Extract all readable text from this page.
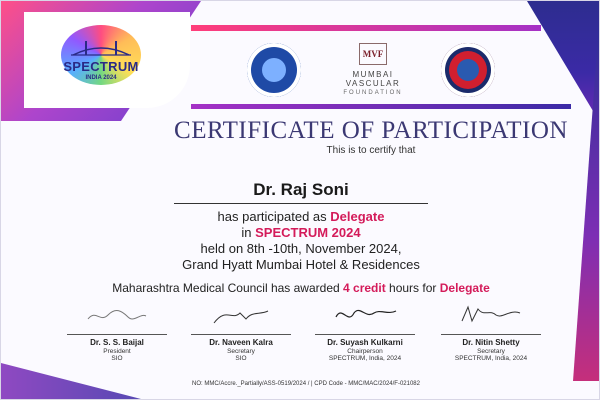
SPECTRUM
INDIA 2024
MVF
MUMBAI VASCULAR
FOUNDATION
CERTIFICATE OF PARTICIPATION
This is to certify that
Dr. Raj Soni
has participated as Delegate
in SPECTRUM 2024
held on 8th -10th, November 2024,
Grand Hyatt Mumbai Hotel & Residences
Maharashtra Medical Council has awarded 4 credit hours for Delegate
Dr. S. S. Baijal
President
SIO
Dr. Naveen Kalra
Secretary
SIO
Dr. Suyash Kulkarni
Chairperson
SPECTRUM, India, 2024
Dr. Nitin Shetty
Secretary
SPECTRUM, India, 2024
NO: MMC/Accre._Partially/ASS-0519/2024 / | CPD Code - MMC/MAC/2024/F-021082
